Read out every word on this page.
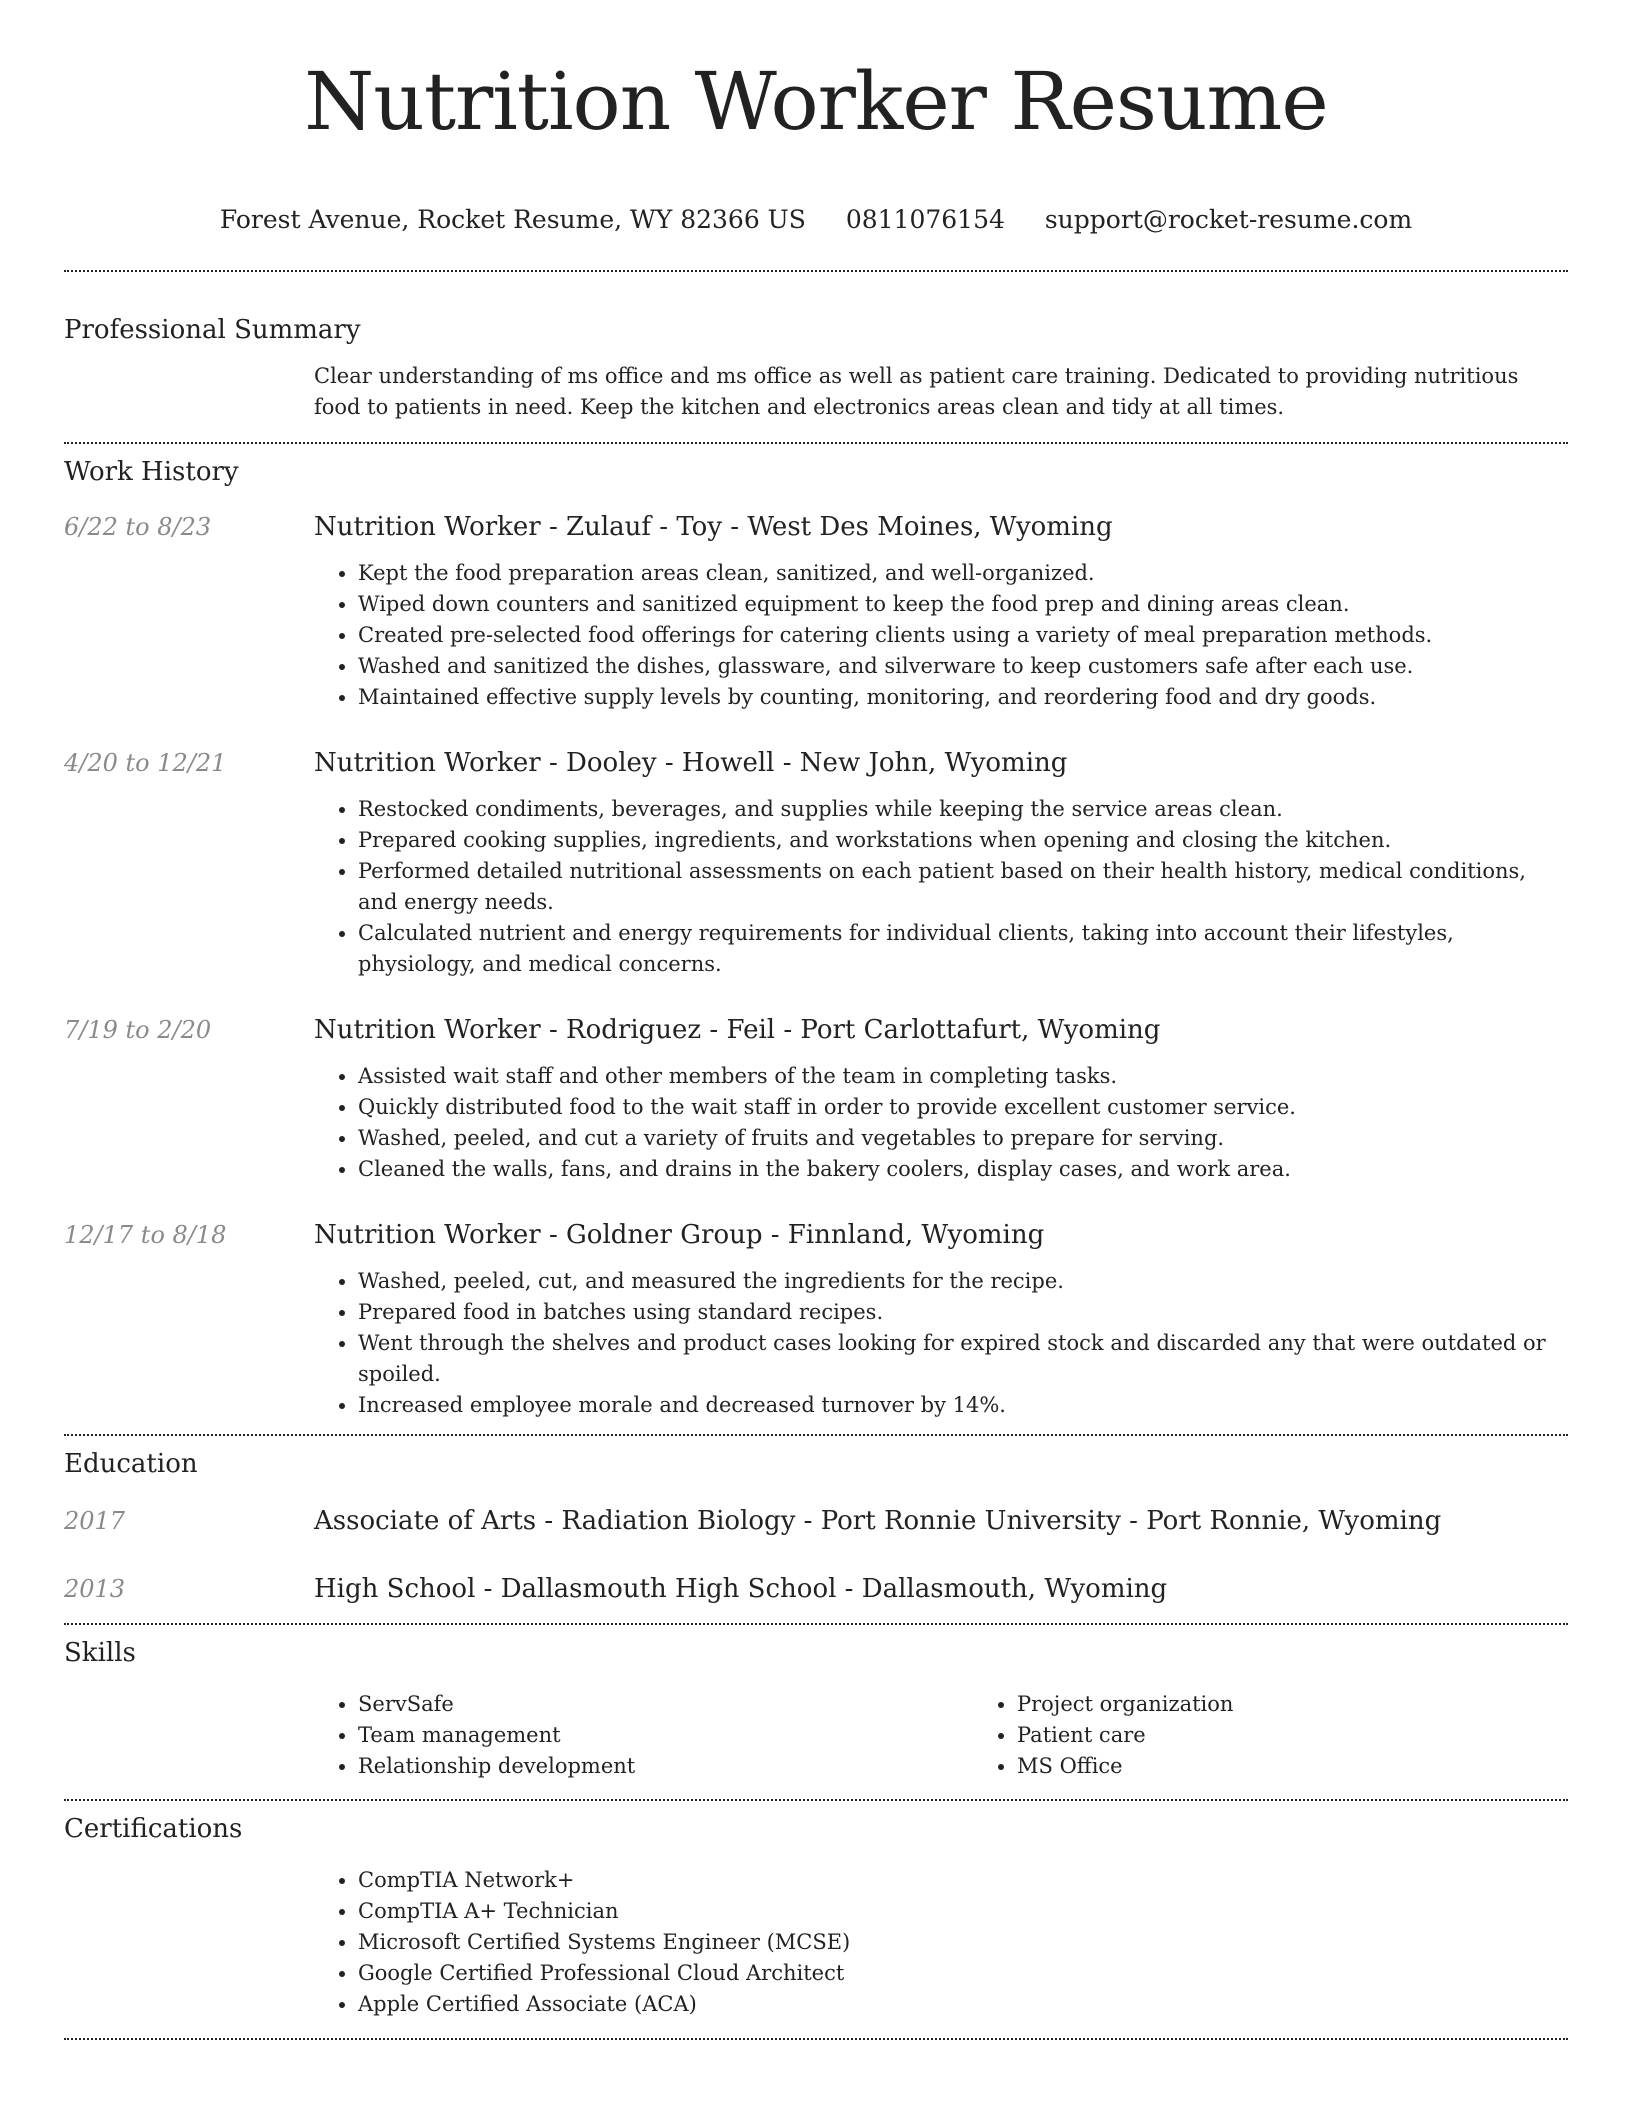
Nutrition Worker Resume
Forest Avenue, Rocket Resume, WY 82366 US 0811076154 support@rocket-resume.com
Professional Summary
Clear understanding of ms office and ms office as well as patient care training. Dedicated to providing nutritious food to patients in need. Keep the kitchen and electronics areas clean and tidy at all times.
Work History
6/22 to 8/23	Nutrition Worker - Zulauf - Toy - West Des Moines, Wyoming
• Kept the food preparation areas clean, sanitized, and well-organized.
• Wiped down counters and sanitized equipment to keep the food prep and dining areas clean.
• Created pre-selected food offerings for catering clients using a variety of meal preparation methods.
• Washed and sanitized the dishes, glassware, and silverware to keep customers safe after each use.
• Maintained effective supply levels by counting, monitoring, and reordering food and dry goods.
4/20 to 12/21	Nutrition Worker - Dooley - Howell - New John, Wyoming
• Restocked condiments, beverages, and supplies while keeping the service areas clean.
• Prepared cooking supplies, ingredients, and workstations when opening and closing the kitchen.
• Performed detailed nutritional assessments on each patient based on their health history, medical conditions, and energy needs.
• Calculated nutrient and energy requirements for individual clients, taking into account their lifestyles, physiology, and medical concerns.
7/19 to 2/20	Nutrition Worker - Rodriguez - Feil - Port Carlottafurt, Wyoming
• Assisted wait staff and other members of the team in completing tasks.
• Quickly distributed food to the wait staff in order to provide excellent customer service.
• Washed, peeled, and cut a variety of fruits and vegetables to prepare for serving.
• Cleaned the walls, fans, and drains in the bakery coolers, display cases, and work area.
12/17 to 8/18	Nutrition Worker - Goldner Group - Finnland, Wyoming
• Washed, peeled, cut, and measured the ingredients for the recipe.
• Prepared food in batches using standard recipes.
• Went through the shelves and product cases looking for expired stock and discarded any that were outdated or spoiled.
• Increased employee morale and decreased turnover by 14%.
Education
2017	Associate of Arts - Radiation Biology - Port Ronnie University - Port Ronnie, Wyoming
2013	High School - Dallasmouth High School - Dallasmouth, Wyoming
Skills
• ServSafe
• Team management
• Relationship development
• Project organization
• Patient care
• MS Office
Certifications
• CompTIA Network+
• CompTIA A+ Technician
• Microsoft Certified Systems Engineer (MCSE)
• Google Certified Professional Cloud Architect
• Apple Certified Associate (ACA)
